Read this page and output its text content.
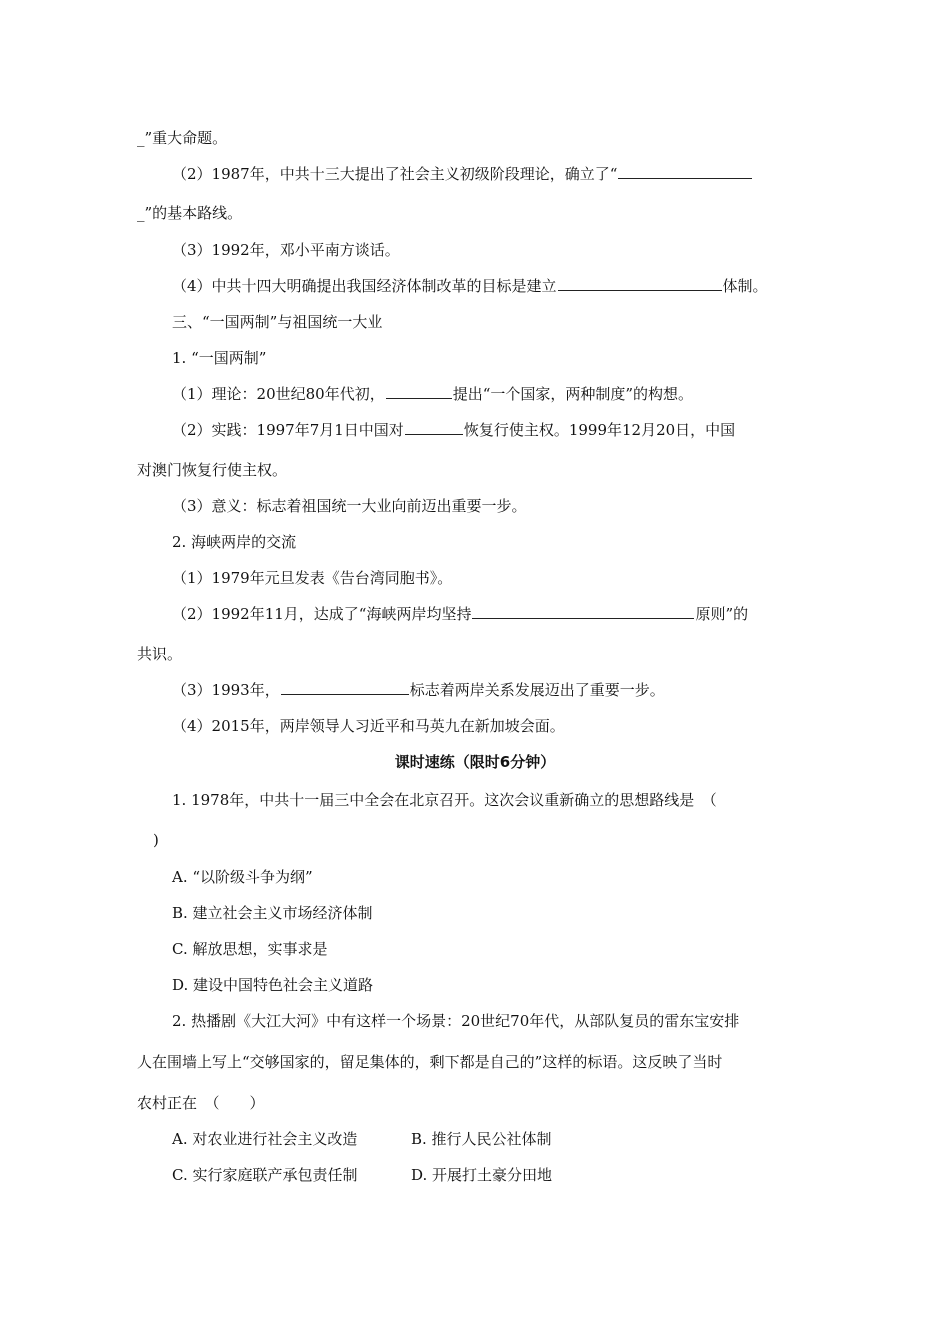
_”重大命题。
（2）1987年，中共十三大提出了社会主义初级阶段理论，确立了“
_”的基本路线。
（3）1992年，邓小平南方谈话。
（4）中共十四大明确提出我国经济体制改革的目标是建立	体制。
三、“一国两制”与祖国统一大业
1. “一国两制”
（1）理论：20世纪80年代初，	提出“一个国家，两种制度”的构想。
（2）实践：1997年7月1日中国对	恢复行使主权。1999年12月20日，中国
对澳门恢复行使主权。
（3）意义：标志着祖国统一大业向前迈出重要一步。
2. 海峡两岸的交流
（1）1979年元旦发表《告台湾同胞书》。
（2）1992年11月，达成了“海峡两岸均坚持	原则”的
共识。
（3）1993年，	标志着两岸关系发展迈出了重要一步。
（4）2015年，两岸领导人习近平和马英九在新加坡会面。
课时速练（限时6分钟）
1. 1978年，中共十一届三中全会在北京召开。这次会议重新确立的思想路线是　（
)
A. “以阶级斗争为纲”
B. 建立社会主义市场经济体制
C. 解放思想，实事求是
D. 建设中国特色社会主义道路
2. 热播剧《大江大河》中有这样一个场景：20世纪70年代，从部队复员的雷东宝安排
人在围墙上写上“交够国家的，留足集体的，剩下都是自己的”这样的标语。这反映了当时
农村正在　（　　）
A. 对农业进行社会主义改造	B. 推行人民公社体制
C. 实行家庭联产承包责任制	D. 开展打土豪分田地
